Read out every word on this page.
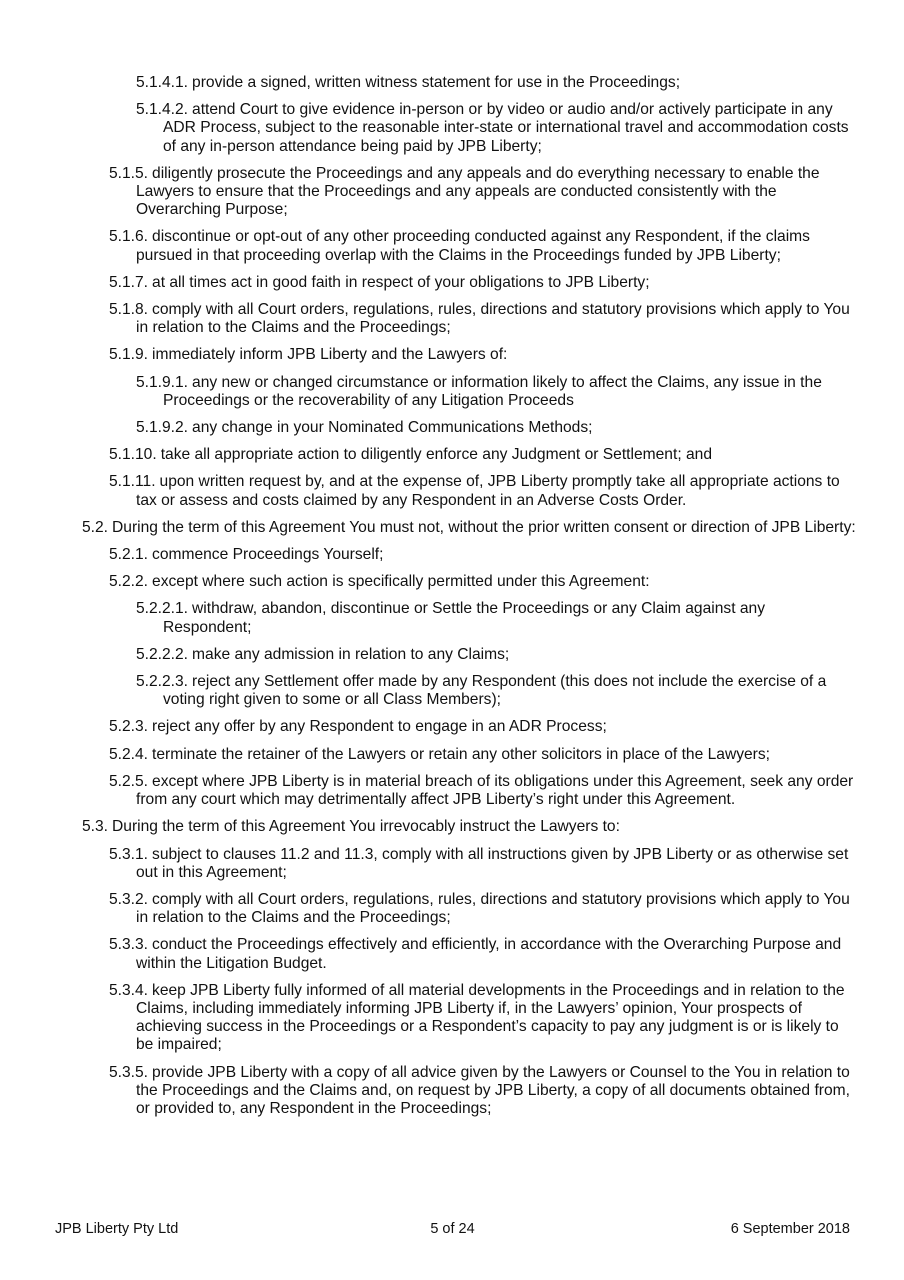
5.1.4.1. provide a signed, written witness statement for use in the Proceedings;

5.1.4.2. attend Court to give evidence in-person or by video or audio and/or actively participate in any ADR Process, subject to the reasonable inter-state or international travel and accommodation costs of any in-person attendance being paid by JPB Liberty;

5.1.5. diligently prosecute the Proceedings and any appeals and do everything necessary to enable the Lawyers to ensure that the Proceedings and any appeals are conducted consistently with the Overarching Purpose;

5.1.6. discontinue or opt-out of any other proceeding conducted against any Respondent, if the claims pursued in that proceeding overlap with the Claims in the Proceedings funded by JPB Liberty;

5.1.7. at all times act in good faith in respect of your obligations to JPB Liberty;

5.1.8. comply with all Court orders, regulations, rules, directions and statutory provisions which apply to You in relation to the Claims and the Proceedings;

5.1.9. immediately inform JPB Liberty and the Lawyers of:

5.1.9.1. any new or changed circumstance or information likely to affect the Claims, any issue in the Proceedings or the recoverability of any Litigation Proceeds

5.1.9.2. any change in your Nominated Communications Methods;

5.1.10. take all appropriate action to diligently enforce any Judgment or Settlement; and

5.1.11. upon written request by, and at the expense of, JPB Liberty promptly take all appropriate actions to tax or assess and costs claimed by any Respondent in an Adverse Costs Order.

5.2. During the term of this Agreement You must not, without the prior written consent or direction of JPB Liberty:

5.2.1. commence Proceedings Yourself;

5.2.2. except where such action is specifically permitted under this Agreement:

5.2.2.1. withdraw, abandon, discontinue or Settle the Proceedings or any Claim against any Respondent;

5.2.2.2. make any admission in relation to any Claims;

5.2.2.3. reject any Settlement offer made by any Respondent (this does not include the exercise of a voting right given to some or all Class Members);

5.2.3. reject any offer by any Respondent to engage in an ADR Process;

5.2.4. terminate the retainer of the Lawyers or retain any other solicitors in place of the Lawyers;

5.2.5. except where JPB Liberty is in material breach of its obligations under this Agreement, seek any order from any court which may detrimentally affect JPB Liberty’s right under this Agreement.

5.3. During the term of this Agreement You irrevocably instruct the Lawyers to:

5.3.1. subject to clauses 11.2 and 11.3, comply with all instructions given by JPB Liberty or as otherwise set out in this Agreement;

5.3.2. comply with all Court orders, regulations, rules, directions and statutory provisions which apply to You in relation to the Claims and the Proceedings;

5.3.3. conduct the Proceedings effectively and efficiently, in accordance with the Overarching Purpose and within the Litigation Budget.

5.3.4. keep JPB Liberty fully informed of all material developments in the Proceedings and in relation to the Claims, including immediately informing JPB Liberty if, in the Lawyers’ opinion, Your prospects of achieving success in the Proceedings or a Respondent’s capacity to pay any judgment is or is likely to be impaired;

5.3.5. provide JPB Liberty with a copy of all advice given by the Lawyers or Counsel to the You in relation to the Proceedings and the Claims and, on request by JPB Liberty, a copy of all documents obtained from, or provided to, any Respondent in the Proceedings;

JPB Liberty Pty Ltd	5 of 24	6 September 2018
